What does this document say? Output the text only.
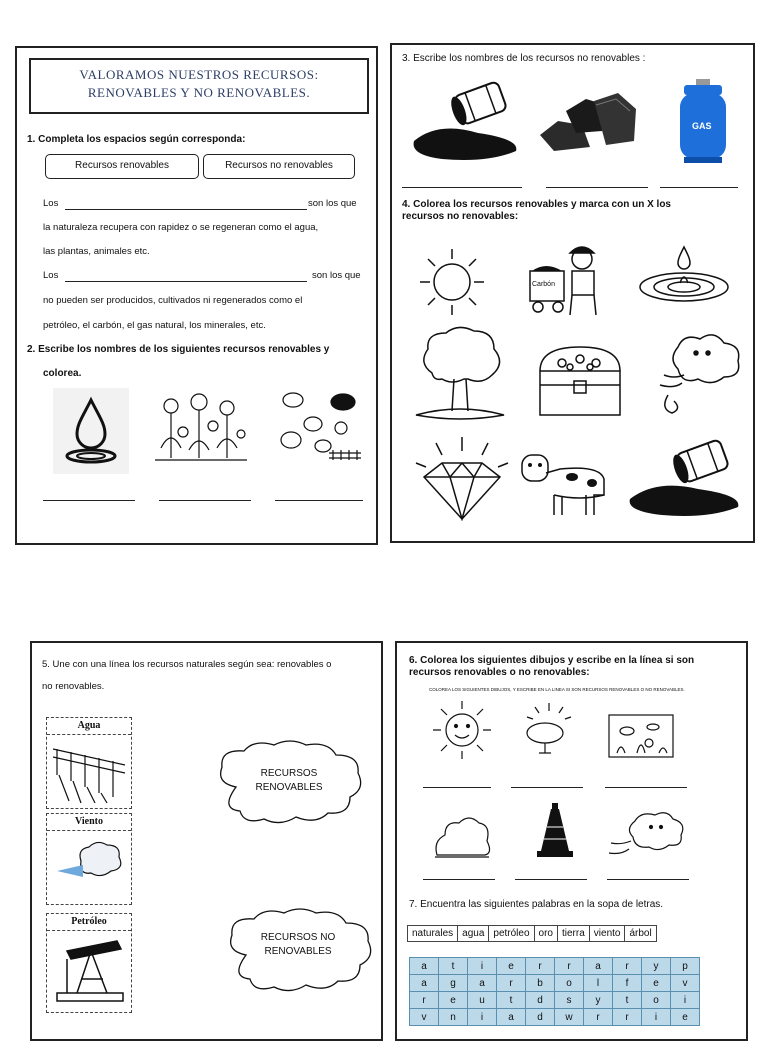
VALORAMOS NUESTROS RECURSOS:
RENOVABLES Y NO RENOVABLES.
1. Completa los espacios según corresponda:
Recursos renovables	Recursos no renovables
Los	son los que
la naturaleza recupera con rapidez o se regeneran como el agua,
las plantas, animales etc.
Los	son los que
no pueden ser producidos, cultivados ni regenerados como el
petróleo, el carbón, el gas natural, los minerales, etc.
2. Escribe los nombres de los siguientes recursos renovables y
colorea.
3. Escribe los nombres de los recursos no renovables :
GAS
4. Colorea los recursos renovables y marca con un X los
recursos no renovables:
Carbón
5. Une con una línea los recursos naturales según sea: renovables o
no renovables.
Agua
Viento
Petróleo
RECURSOS
RENOVABLES
RECURSOS NO
RENOVABLES
6. Colorea los siguientes dibujos y escribe en la línea si son
recursos renovables o no renovables:
COLOREA LOS SIGUIENTES DIBUJOS, Y ESCRIBE EN LA LINEA SI SON RECURSOS RENOVABLES O NO RENOVABLES.
7. Encuentra las siguientes palabras en la sopa de letras.
naturales	agua	petróleo	oro	tierra	viento	árbol
a	t	i	e	r	r	a	r	y	p
a	g	a	r	b	o	l	f	e	v
r	e	u	t	d	s	y	t	o	i
v	n	i	a	d	w	r	r	i	e
